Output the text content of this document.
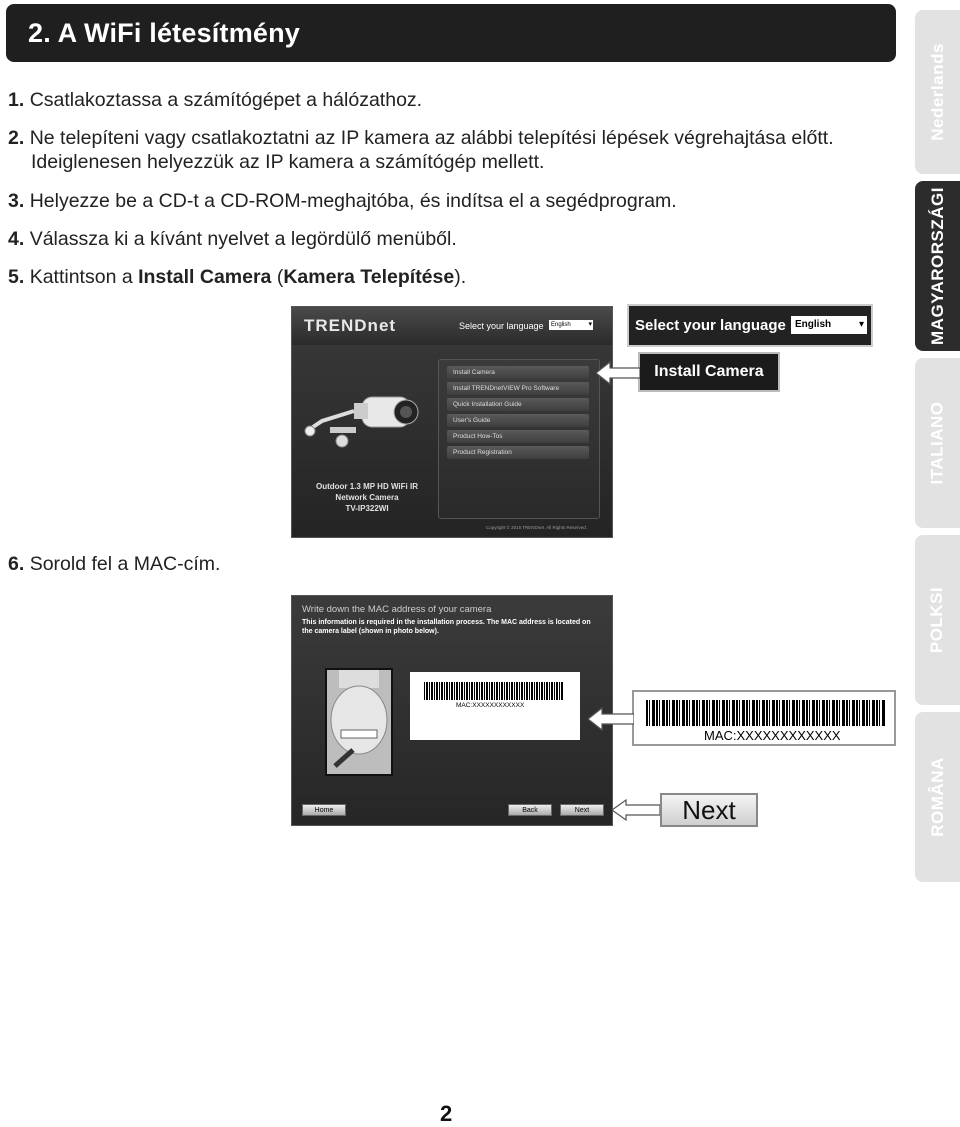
2. A WiFi létesítmény
1. Csatlakoztassa a számítógépet a hálózathoz.
2. Ne telepíteni vagy csatlakoztatni az IP kamera az alábbi telepítési lépések végrehajtása előtt.
Ideiglenesen helyezzük az IP kamera a számítógép mellett.
3. Helyezze be a CD-t a CD-ROM-meghajtóba, és indítsa el a segédprogram.
4. Válassza ki a kívánt nyelvet a legördülő menüből.
5. Kattintson a Install Camera (Kamera Telepítése).
6. Sorold fel a MAC-cím.
Nederlands
MAGYARORSZÁGI
ITALIANO
POLKSI
ROMÂNA
TRENDnet	Select your language	English ▾
Install Camera
Install TRENDnetVIEW Pro Software
Quick Installation Guide
User's Guide
Product How-Tos
Product Registration
Outdoor 1.3 MP HD WiFi IR
Network Camera
TV-IP322WI
Copyright © 2015 TRENDnet. All Rights Reserved.
Select your language English ▾
Install Camera
Write down the MAC address of your camera
This information is required in the installation process. The MAC address is located on the camera label (shown in photo below).
MAC:XXXXXXXXXXXX
Home	Back	Next
MAC:XXXXXXXXXXXX
Next
2
